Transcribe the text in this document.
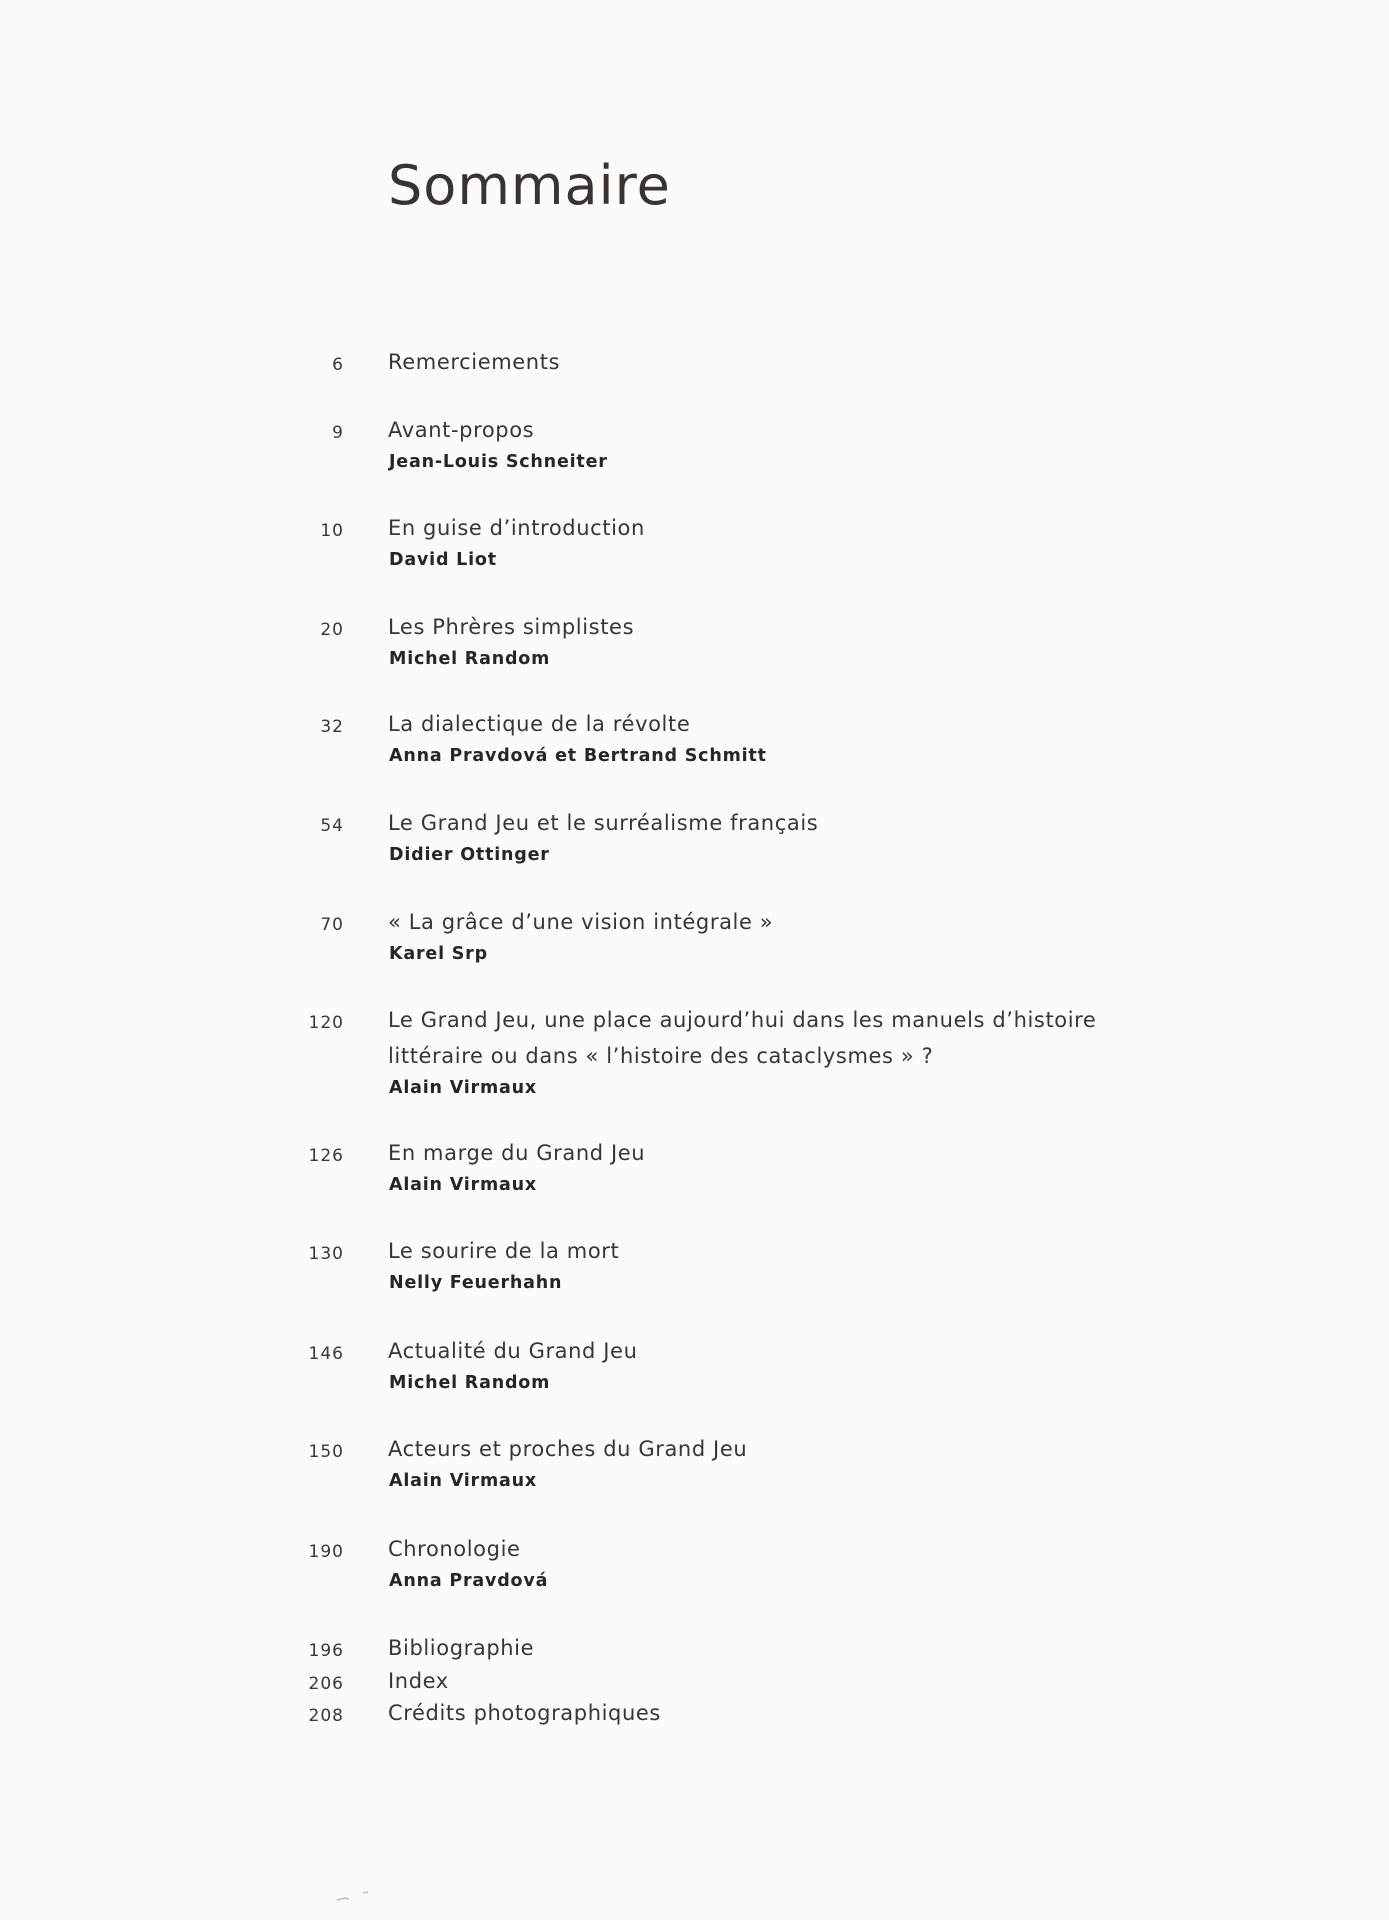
Sommaire
6 Remerciements
9 Avant-propos
Jean-Louis Schneiter
10 En guise d’introduction
David Liot
20 Les Phrères simplistes
Michel Random
32 La dialectique de la révolte
Anna Pravdová et Bertrand Schmitt
54 Le Grand Jeu et le surréalisme français
Didier Ottinger
70 « La grâce d’une vision intégrale »
Karel Srp
120 Le Grand Jeu, une place aujourd’hui dans les manuels d’histoire littéraire ou dans « l’histoire des cataclysmes » ?
Alain Virmaux
126 En marge du Grand Jeu
Alain Virmaux
130 Le sourire de la mort
Nelly Feuerhahn
146 Actualité du Grand Jeu
Michel Random
150 Acteurs et proches du Grand Jeu
Alain Virmaux
190 Chronologie
Anna Pravdová
196 Bibliographie
206 Index
208 Crédits photographiques
